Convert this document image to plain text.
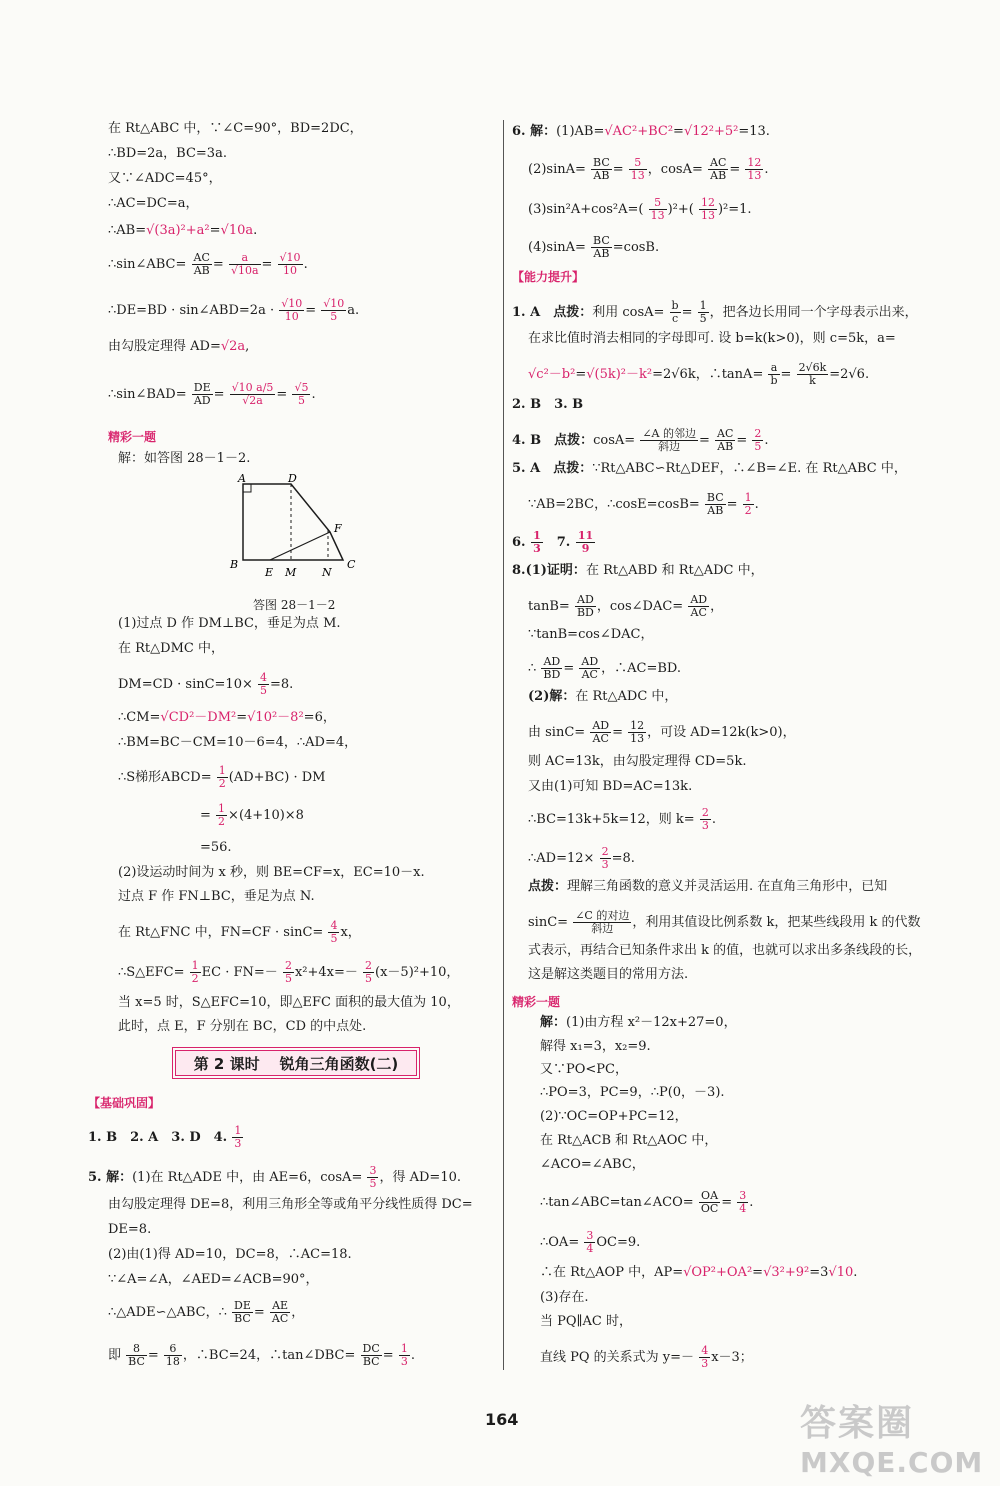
在 Rt△ABC 中，∵∠C=90°，BD=2DC，
∴BD=2a，BC=3a.
又∵∠ADC=45°，
∴AC=DC=a，
∴AB=√(3a)²+a²=√10a.
∴sin∠ABC= $\frac{AC}{AB} = \frac{a}{√10a} = \frac{√10}{10}$ .
∴DE=BD · sin∠ABD=2a · $\frac{√10}{10} = \frac{√10}{5} a$.
由勾股定理得 AD=√2a,
∴sin∠BAD= $\frac{DE}{AD} = \frac{√10 a/5}{√2a} = \frac{√5}{5}$ .
精彩一题
解：如答图 28－1－2.
A	D
B
E M N
C
F
答图 28－1－2
(1)过点 D 作 DM⊥BC，垂足为点 M.
在 Rt△DMC 中，
$DM=CD \cdot \sin C=10\times \frac{4}{5} =8$.
∴CM=√CD²－DM²=√10²－8²=6，
∴BM=BC－CM=10－6=4，∴AD=4，
∴S梯形ABCD= $\frac{1}{2} (AD+BC)$ · DM
= $\frac{1}{2} \times(4+10)\times 8$
=56.
(2)设运动时间为 x 秒，则 BE=CF=x，EC=10－x.
过点 F 作 FN⊥BC，垂足为点 N.
在 Rt△FNC 中，$FN=CF \cdot \sin C= \frac{4}{5}$ x，
∴S△EFC= $\frac{1}{2}$ EC · $FN=- \frac{2}{5} x^2+4x=- \frac{2}{5} (x-5)^2+10$，
当 x=5 时，S△EFC=10，即△EFC 面积的最大值为 10，
此时，点 E，F 分别在 BC，CD 的中点处.
第 2 课时 锐角三角函数(二)
【基础巩固】
1. B　2. A　3. D　4. $\frac{1}{3}$
5. 解：(1)在 Rt△ADE 中，由 AE=6，$\cos A= \frac{3}{5}$ ，得 AD=10.
由勾股定理得 DE=8，利用三角形全等或角平分线性质得 DC=
DE=8.
(2)由(1)得 AD=10，DC=8，∴AC=18.
∵∠A=∠A，∠AED=∠ACB=90°，
∴△ADE∽△ABC，∴ $\frac{DE}{BC} = \frac{AE}{AC}$ ，
即 $\frac{8}{BC} = \frac{6}{18}$ ，∴BC=24，∴tan∠DBC= $\frac{DC}{BC} = \frac{1}{3}$ .
6. 解：(1)AB=√AC²+BC²=√12²+5²=13.
$(2)\sin A= \frac{BC}{AB} = \frac{5}{13}$ ，$\cos A= \frac{AC}{AB} = \frac{12}{13}$ .
$(3)\sin^2A+\cos^2A=( \frac{5}{13} )^2+( \frac{12}{13} )^2=1$.
$(4)\sin A= \frac{BC}{AB} =\cos B$.
【能力提升】
1. A　点拨：利用 $\cos A= \frac{b}{c} = \frac{1}{5}$ ，把各边长用同一个字母表示出来，
在求比值时消去相同的字母即可. 设 b=k(k>0)，则 c=5k，a=
√c²－b²=√(5k)²－k²=2√6k，∴tanA= $\frac{a}{b} = \frac{2√6k}{k} =2√6$.
2. B　3. B
4. B　点拨：cosA= ∠A 的邻边
斜边	= $\frac{AC}{AB} = \frac{2}{5}$ .
5. A　点拨：∵Rt△ABC∽Rt△DEF，∴∠B=∠E. 在 Rt△ABC 中，
∵AB=2BC，∴cosE=cosB= $\frac{BC}{AB} = \frac{1}{2}$ .
6. $\frac{1}{3}$ 　7. $\frac{11}{9}$
8.(1)证明：在 Rt△ABD 和 Rt△ADC 中，
$\tan B= \frac{AD}{BD}$ ，cos∠DAC= $\frac{AD}{AC}$ ，
∵tanB=cos∠DAC，
∴ $\frac{AD}{BD} = \frac{AD}{AC}$ ，∴AC=BD.
(2)解：在 Rt△ADC 中，
由 $\sin C= \frac{AD}{AC} = \frac{12}{13}$ ，可设 AD=12k(k>0)，
则 AC=13k，由勾股定理得 CD=5k.
又由(1)可知 BD=AC=13k.
∴BC=13k+5k=12，则 $k= \frac{2}{3}$ .
∴AD=12× $\frac{2}{3} =8$.
点拨：理解三角函数的意义并灵活运用. 在直角三角形中，已知
sinC= ∠C 的对边
斜边	，利用其值设比例系数 k，把某些线段用 k 的代数
式表示，再结合已知条件求出 k 的值，也就可以求出多条线段的长，
这是解这类题目的常用方法.
精彩一题
解：(1)由方程 x²－12x+27=0，
解得 x₁=3，x₂=9.
又∵PO<PC，
∴PO=3，PC=9，∴P(0，－3).
(2)∵OC=OP+PC=12，
在 Rt△ACB 和 Rt△AOC 中，
∠ACO=∠ABC，
∴tan∠ABC=tan∠ACO= $\frac{OA}{OC} = \frac{3}{4}$ .
∴OA= $\frac{3}{4} OC=9$.
∴在 Rt△AOP 中，AP=√OP²+OA²=√3²+9²=3√10.
(3)存在.
当 PQ∥AC 时，
直线 PQ 的关系式为 $y=- \frac{4}{3} x-3$；
164	答案圈
MXQE.COM
